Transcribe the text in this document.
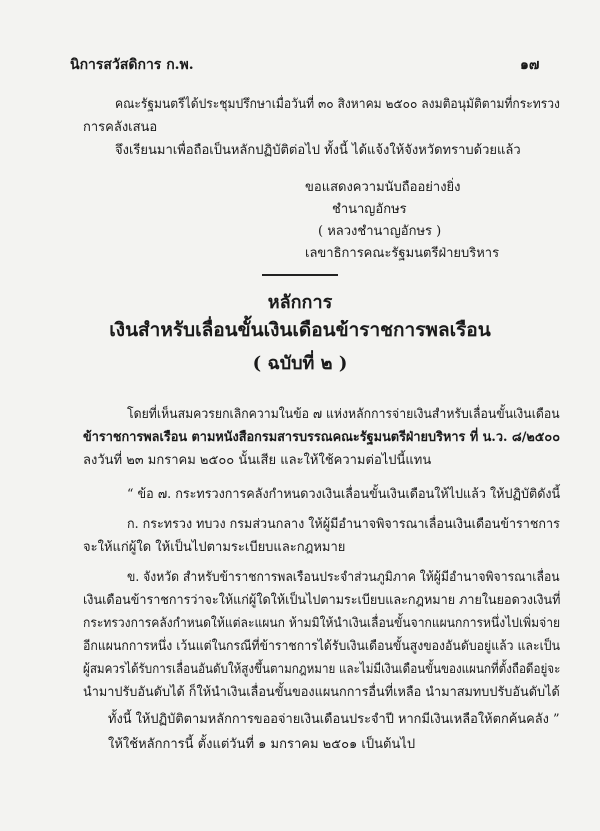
นิการสวัสดิการ ก.พ.	๑๗
คณะรัฐมนตรีได้ประชุมปรึกษาเมื่อวันที่ ๓๐ สิงหาคม ๒๕๐๐ ลงมติอนุมัติตามที่กระทรวง
การคลังเสนอ
จึงเรียนมาเพื่อถือเป็นหลักปฏิบัติต่อไป ทั้งนี้ ได้แจ้งให้จังหวัดทราบด้วยแล้ว
ขอแสดงความนับถืออย่างยิ่ง
ชำนาญอักษร
( หลวงชำนาญอักษร )
เลขาธิการคณะรัฐมนตรีฝ่ายบริหาร
หลักการ
เงินสำหรับเลื่อนขั้นเงินเดือนข้าราชการพลเรือน
( ฉบับที่ ๒ )
โดยที่เห็นสมควรยกเลิกความในข้อ ๗ แห่งหลักการจ่ายเงินสำหรับเลื่อนขั้นเงินเดือน
ข้าราชการพลเรือน ตามหนังสือกรมสารบรรณคณะรัฐมนตรีฝ่ายบริหาร ที่ น.ว. ๘/๒๕๐๐
ลงวันที่ ๒๓ มกราคม ๒๕๐๐ นั้นเสีย และให้ใช้ความต่อไปนี้แทน
“ ข้อ ๗. กระทรวงการคลังกำหนดวงเงินเลื่อนขั้นเงินเดือนให้ไปแล้ว ให้ปฏิบัติดังนี้
ก. กระทรวง ทบวง กรมส่วนกลาง ให้ผู้มีอำนาจพิจารณาเลื่อนเงินเดือนข้าราชการ
จะให้แก่ผู้ใด ให้เป็นไปตามระเบียบและกฎหมาย
ข. จังหวัด สำหรับข้าราชการพลเรือนประจำส่วนภูมิภาค ให้ผู้มีอำนาจพิจารณาเลื่อน
เงินเดือนข้าราชการว่าจะให้แก่ผู้ใดให้เป็นไปตามระเบียบและกฎหมาย ภายในยอดวงเงินที่
กระทรวงการคลังกำหนดให้แต่ละแผนก ห้ามมิให้นำเงินเลื่อนขั้นจากแผนกการหนึ่งไปเพิ่มจ่าย
อีกแผนกการหนึ่ง เว้นแต่ในกรณีที่ข้าราชการได้รับเงินเดือนขั้นสูงของอันดับอยู่แล้ว และเป็น
ผู้สมควรได้รับการเลื่อนอันดับให้สูงขึ้นตามกฎหมาย และไม่มีเงินเดือนขั้นของแผนกที่ตั้งถือดีอยู่จะ
นำมาปรับอันดับได้ ก็ให้นำเงินเลื่อนขั้นของแผนกการอื่นที่เหลือ นำมาสมทบปรับอันดับได้
ทั้งนี้ ให้ปฏิบัติตามหลักการขออจ่ายเงินเดือนประจำปี หากมีเงินเหลือให้ตกค้นคลัง ”
ให้ใช้หลักการนี้ ตั้งแต่วันที่ ๑ มกราคม ๒๕๐๑ เป็นต้นไป
